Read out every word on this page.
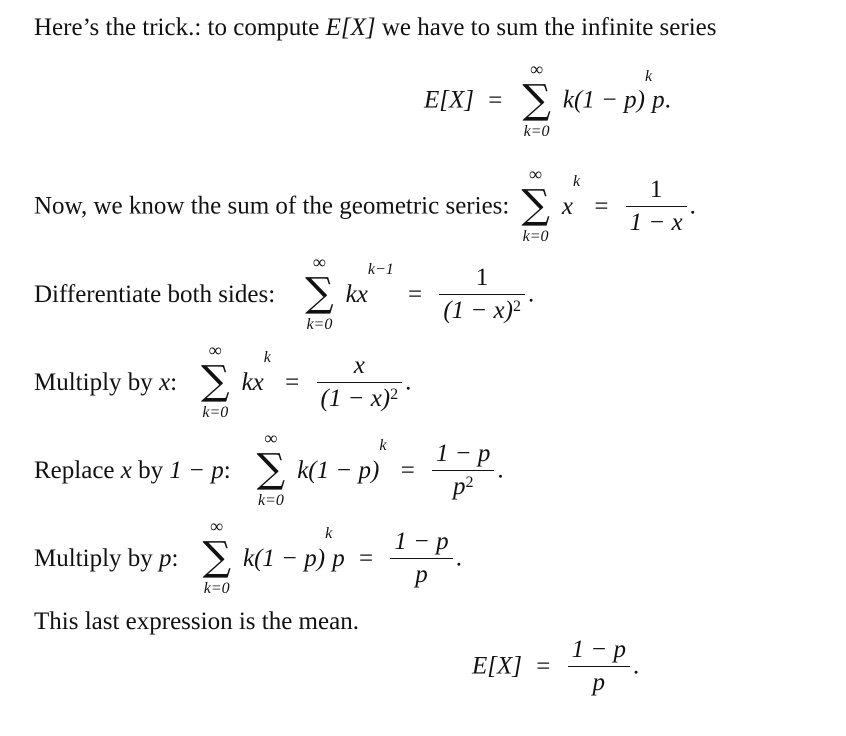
Here’s the trick.: to compute E[X] we have to sum the infinite series
E[X] =
∞
∑
k=0
$k(1 - p)^kp$.
Now, we know the sum of the geometric series:
∞
∑
k=0
$x^k = \frac{1}{1 - x}$ .
Differentiate both sides:
∞
∑
k=0
$kx^{k-1} = \frac{1}{(1 - x)^2}$ .
Multiply by x:
∞
∑
k=0
$kx^k = \frac{x}{(1 - x)^2}$ .
Replace x by 1 − p:
∞
∑
k=0
$k(1 - p)^k = \frac{1 - p}{p^2}$ .
Multiply by p:
∞
∑
k=0
$k(1 - p)^kp = \frac{1 - p}{p}$ .
This last expression is the mean.
$E[X] = \frac{1 - p}{p}$ .
